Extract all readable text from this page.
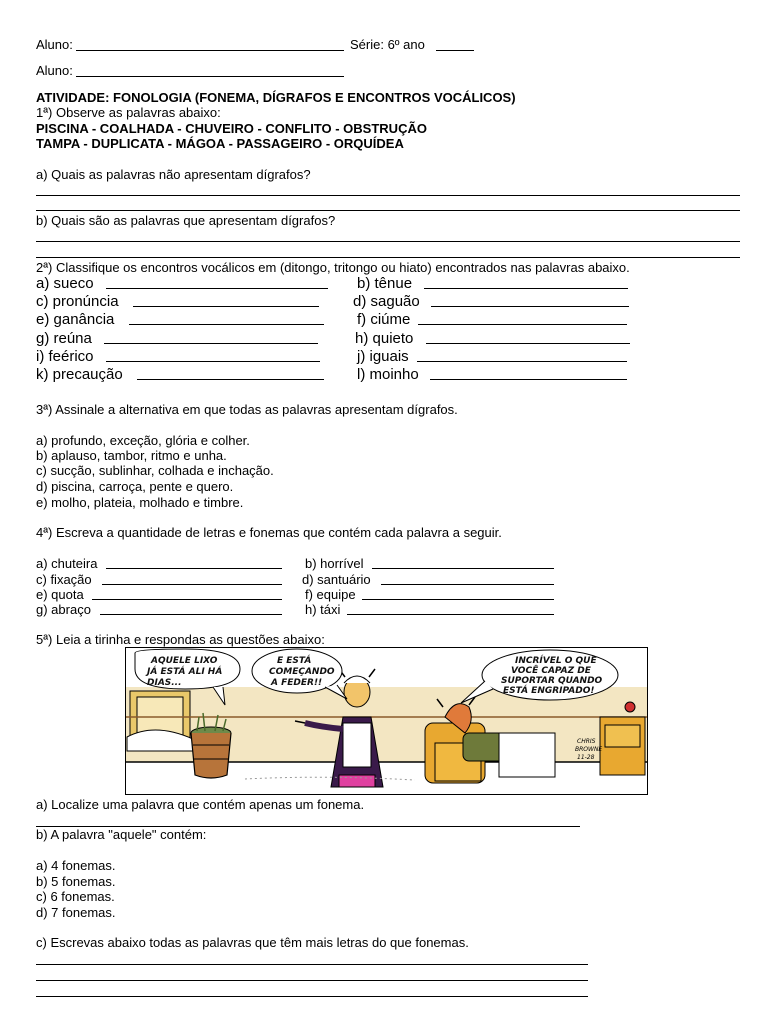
Aluno:	Série: 6º ano
Aluno:
ATIVIDADE: FONOLOGIA (FONEMA, DÍGRAFOS E ENCONTROS VOCÁLICOS)
1ª) Observe as palavras abaixo:
PISCINA - COALHADA - CHUVEIRO - CONFLITO - OBSTRUÇÃO
TAMPA - DUPLICATA - MÁGOA - PASSAGEIRO - ORQUÍDEA
a) Quais as palavras não apresentam dígrafos?
b) Quais são as palavras que apresentam dígrafos?
2ª) Classifique os encontros vocálicos em (ditongo, tritongo ou hiato) encontrados nas palavras abaixo.
a) sueco	b) tênue
c) pronúncia	d) saguão
e) ganância	f) ciúme
g) reúna	h) quieto
i) feérico	j) iguais
k) precaução	l) moinho
3ª) Assinale a alternativa em que todas as palavras apresentam dígrafos.
a) profundo, exceção, glória e colher.
b) aplauso, tambor, ritmo e unha.
c) sucção, sublinhar, colhada e inchação.
d) piscina, carroça, pente e quero.
e) molho, plateia, molhado e timbre.
4ª) Escreva a quantidade de letras e fonemas que contém cada palavra a seguir.
a) chuteira	b) horrível
c) fixação	d) santuário
e) quota	f) equipe
g) abraço	h) táxi
5ª) Leia a tirinha e respondas as questões abaixo:
AQUELE LIXO
JÁ ESTÁ ALI HÁ
DIAS...
E ESTÁ
COMEÇANDO
A FEDER!!
INCRÍVEL O QUE
VOCÊ CAPAZ DE
SUPORTAR QUANDO
ESTÁ ENGRIPADO!
CHRIS
BROWNE
11-28
a) Localize uma palavra que contém apenas um fonema.
b) A palavra "aquele" contém:
a) 4 fonemas.
b) 5 fonemas.
c) 6 fonemas.
d) 7 fonemas.
c) Escrevas abaixo todas as palavras que têm mais letras do que fonemas.
